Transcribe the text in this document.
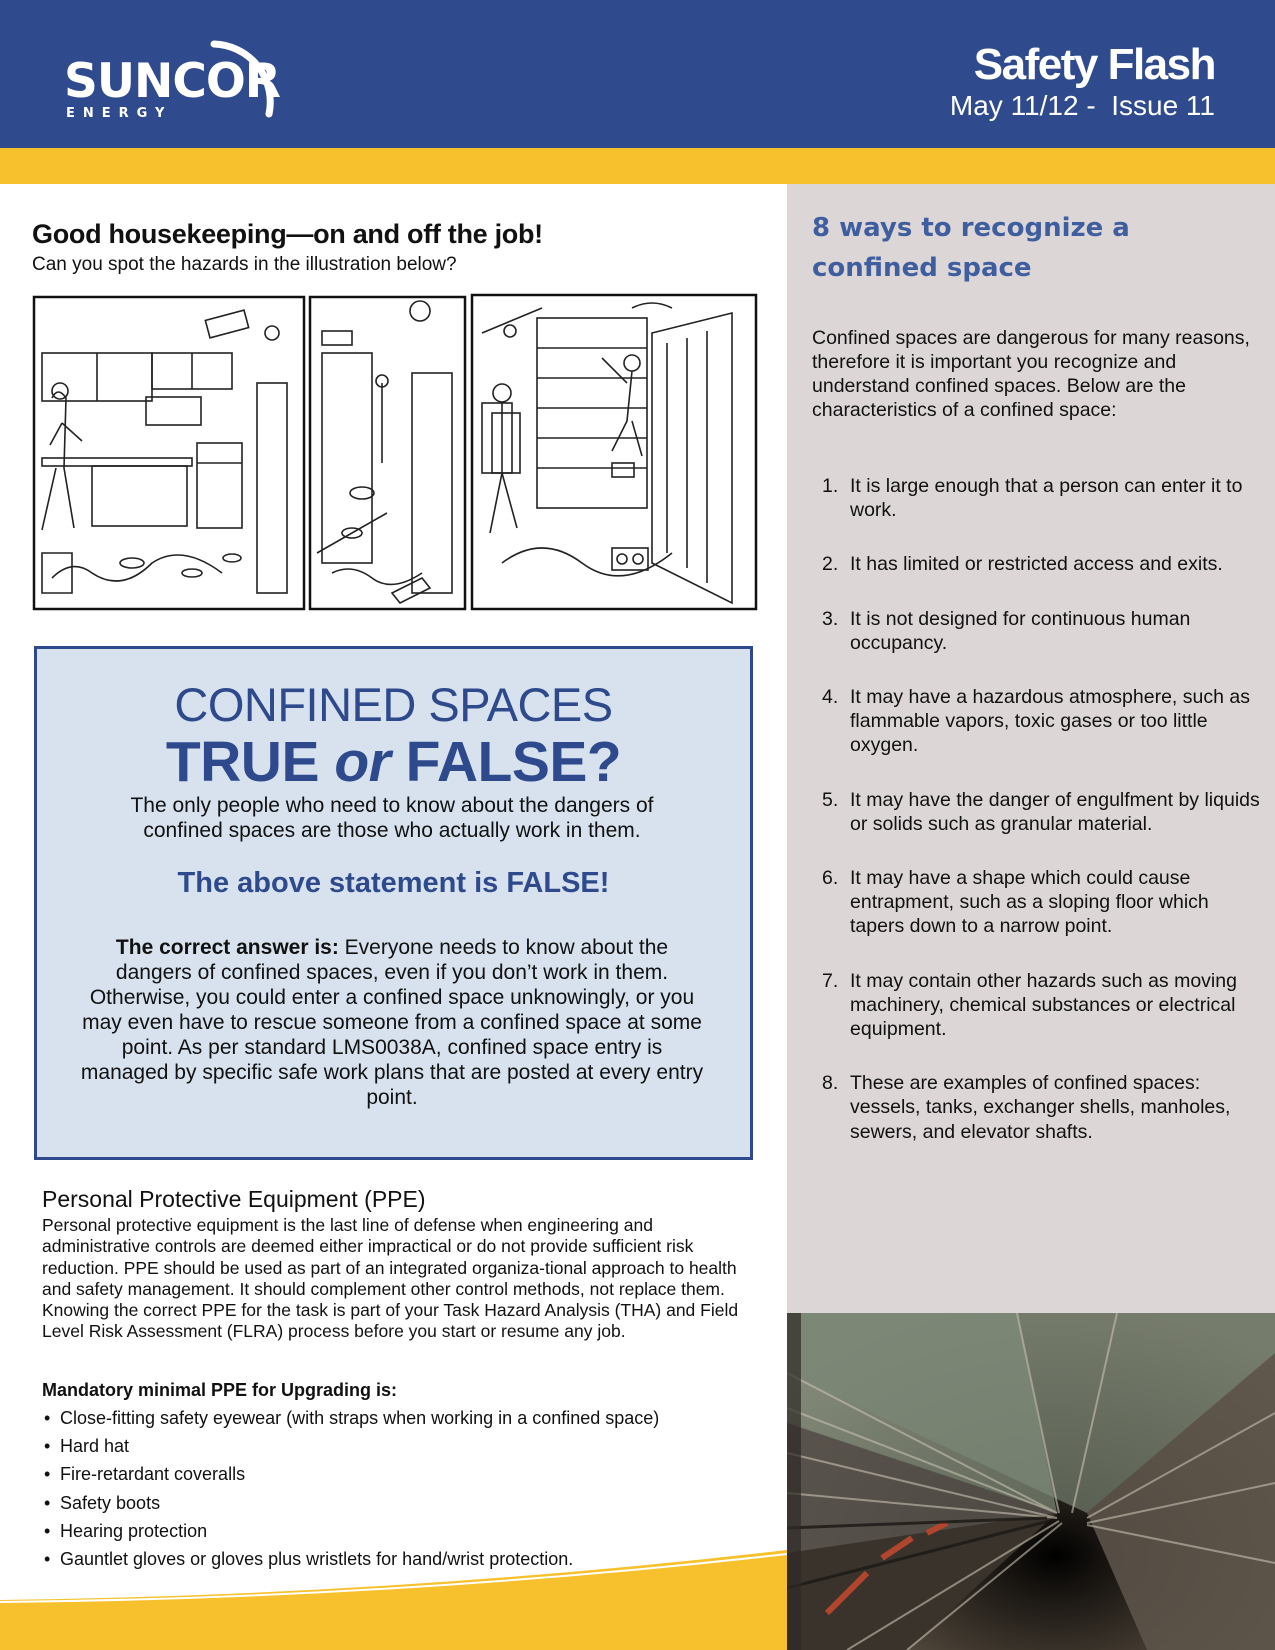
SUNCOR
ENERGY
Safety Flash
May 11/12 -  Issue 11
8 ways to recognize a confined space
Confined spaces are dangerous for many reasons, therefore it is important you recognize and understand confined spaces. Below are the characteristics of a confined space:
1. It is large enough that a person can enter it to work.
2. It has limited or restricted access and exits.
3. It is not designed for continuous human occupancy.
4. It may have a hazardous atmosphere, such as flammable vapors, toxic gases or too little oxygen.
5. It may have the danger of engulfment by liquids or solids such as granular material.
6. It may have a shape which could cause entrapment, such as a sloping floor which tapers down to a narrow point.
7. It may contain other hazards such as moving machinery, chemical substances or electrical equipment.
8. These are examples of confined spaces: vessels, tanks, exchanger shells, manholes, sewers, and elevator shafts.
Good housekeeping—on and off the job!
Can you spot the hazards in the illustration below?
CONFINED SPACES
TRUE or FALSE?
The only people who need to know about the dangers of confined spaces are those who actually work in them.
The above statement is FALSE!
The correct answer is: Everyone needs to know about the dangers of confined spaces, even if you don’t work in them. Otherwise, you could enter a confined space unknowingly, or you may even have to rescue someone from a confined space at some point. As per standard LMS0038A, confined space entry is managed by specific safe work plans that are posted at every entry point.
Personal Protective Equipment (PPE)
Personal protective equipment is the last line of defense when engineering and administrative controls are deemed either impractical or do not provide sufficient risk reduction. PPE should be used as part of an integrated organiza-tional approach to health and safety management. It should complement other control methods, not replace them. Knowing the correct PPE for the task is part of your Task Hazard Analysis (THA) and Field Level Risk Assessment (FLRA) process before you start or resume any job.
Mandatory minimal PPE for Upgrading is:
• Close-fitting safety eyewear (with straps when working in a confined space)
• Hard hat
• Fire-retardant coveralls
• Safety boots
• Hearing protection
• Gauntlet gloves or gloves plus wristlets for hand/wrist protection.
